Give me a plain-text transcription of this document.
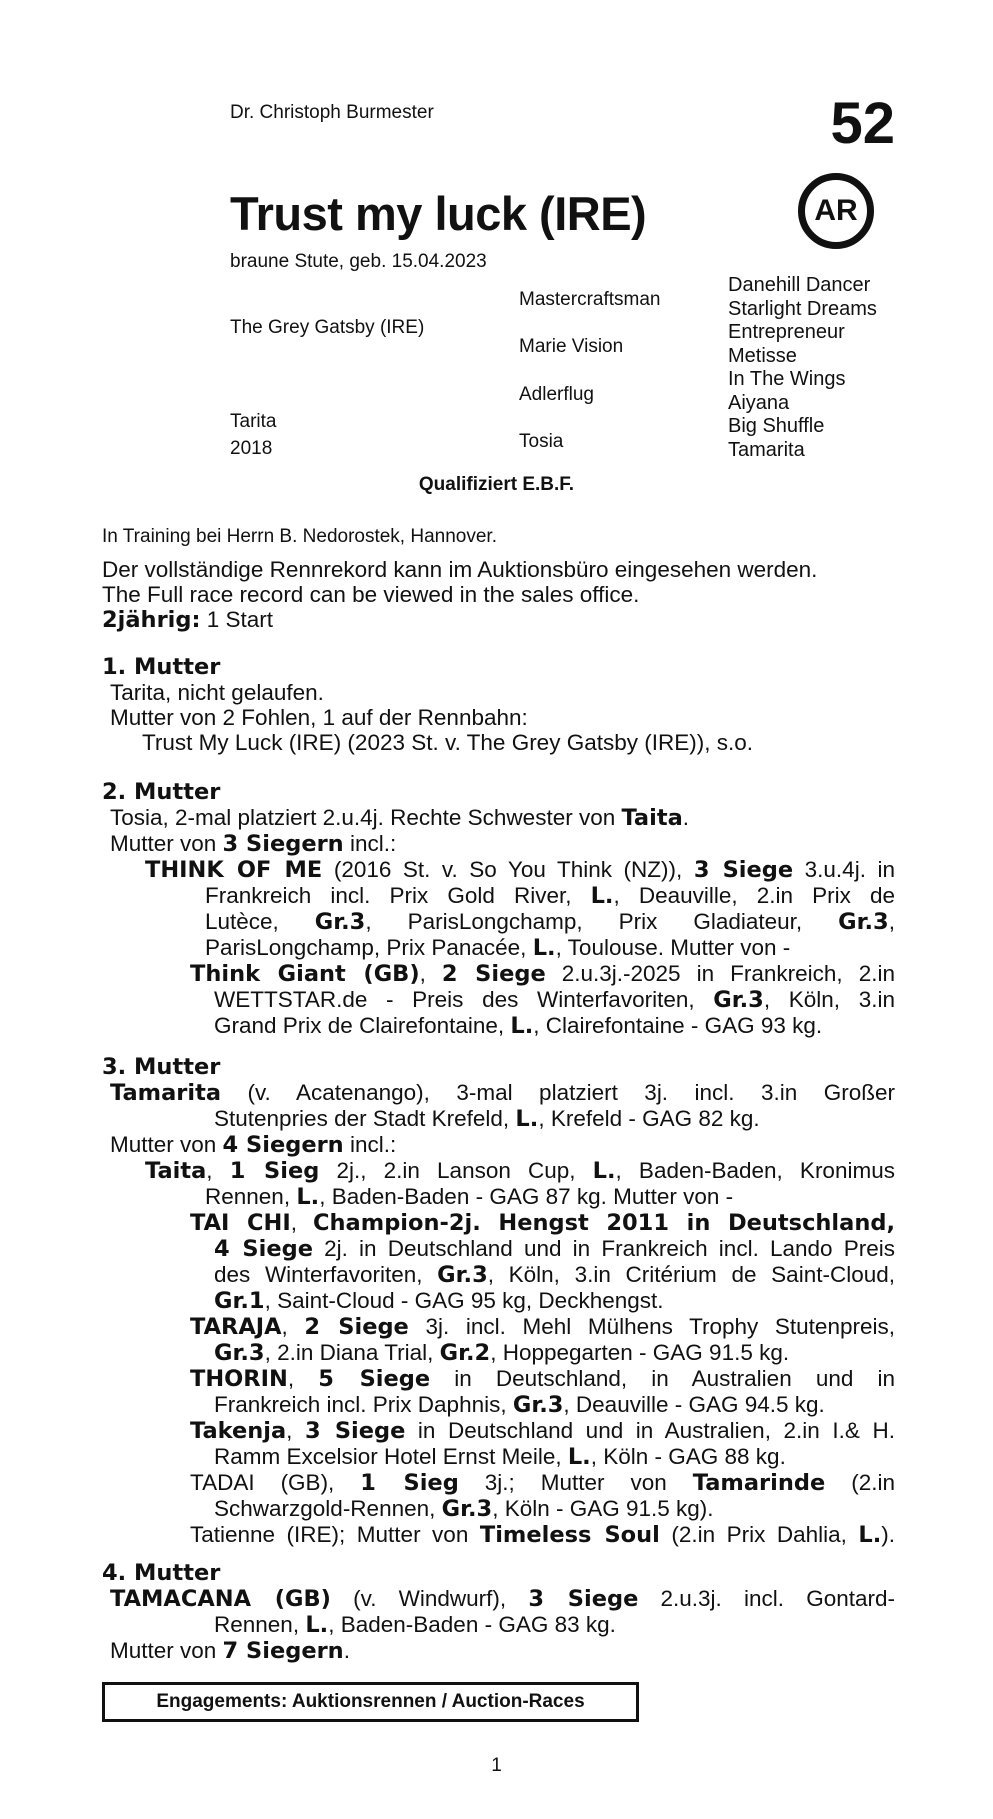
Dr. Christoph Burmester	52
Trust my luck (IRE)	AR
braune Stute, geb. 15.04.2023
The Grey Gatsby (IRE)
Tarita
2018
Mastercraftsman
Marie Vision
Adlerflug
Tosia
Danehill Dancer
Starlight Dreams
Entrepreneur
Metisse
In The Wings
Aiyana
Big Shuffle
Tamarita
Qualifiziert E.B.F.
In Training bei Herrn B. Nedorostek, Hannover.
Der vollständige Rennrekord kann im Auktionsbüro eingesehen werden.
The Full race record can be viewed in the sales office.
2jährig: 1 Start
1. Mutter
Tarita, nicht gelaufen.
Mutter von 2 Fohlen, 1 auf der Rennbahn:
Trust My Luck (IRE) (2023 St. v. The Grey Gatsby (IRE)), s.o.
2. Mutter
Tosia, 2-mal platziert 2.u.4j. Rechte Schwester von Taita.
Mutter von 3 Siegern incl.:
THINK OF ME (2016 St. v. So You Think (NZ)), 3 Siege 3.u.4j. in
Frankreich incl. Prix Gold River, L., Deauville, 2.in Prix de
Lutèce, Gr.3, ParisLongchamp, Prix Gladiateur, Gr.3,
ParisLongchamp, Prix Panacée, L., Toulouse. Mutter von -
Think Giant (GB), 2 Siege 2.u.3j.-2025 in Frankreich, 2.in
WETTSTAR.de - Preis des Winterfavoriten, Gr.3, Köln, 3.in
Grand Prix de Clairefontaine, L., Clairefontaine - GAG 93 kg.
3. Mutter
Tamarita (v. Acatenango), 3-mal platziert 3j. incl. 3.in Großer
Stutenpries der Stadt Krefeld, L., Krefeld - GAG 82 kg.
Mutter von 4 Siegern incl.:
Taita, 1 Sieg 2j., 2.in Lanson Cup, L., Baden-Baden, Kronimus
Rennen, L., Baden-Baden - GAG 87 kg. Mutter von -
TAI CHI, Champion-2j. Hengst 2011 in Deutschland,
4 Siege 2j. in Deutschland und in Frankreich incl. Lando Preis
des Winterfavoriten, Gr.3, Köln, 3.in Critérium de Saint-Cloud,
Gr.1, Saint-Cloud - GAG 95 kg, Deckhengst.
TARAJA, 2 Siege 3j. incl. Mehl Mülhens Trophy Stutenpreis,
Gr.3, 2.in Diana Trial, Gr.2, Hoppegarten - GAG 91.5 kg.
THORIN, 5 Siege in Deutschland, in Australien und in
Frankreich incl. Prix Daphnis, Gr.3, Deauville - GAG 94.5 kg.
Takenja, 3 Siege in Deutschland und in Australien, 2.in I.& H.
Ramm Excelsior Hotel Ernst Meile, L., Köln - GAG 88 kg.
TADAI (GB), 1 Sieg 3j.; Mutter von Tamarinde (2.in
Schwarzgold-Rennen, Gr.3, Köln - GAG 91.5 kg).
Tatienne (IRE); Mutter von Timeless Soul (2.in Prix Dahlia, L.).
4. Mutter
TAMACANA (GB) (v. Windwurf), 3 Siege 2.u.3j. incl. Gontard-
Rennen, L., Baden-Baden - GAG 83 kg.
Mutter von 7 Siegern.
Engagements: Auktionsrennen / Auction-Races
1
